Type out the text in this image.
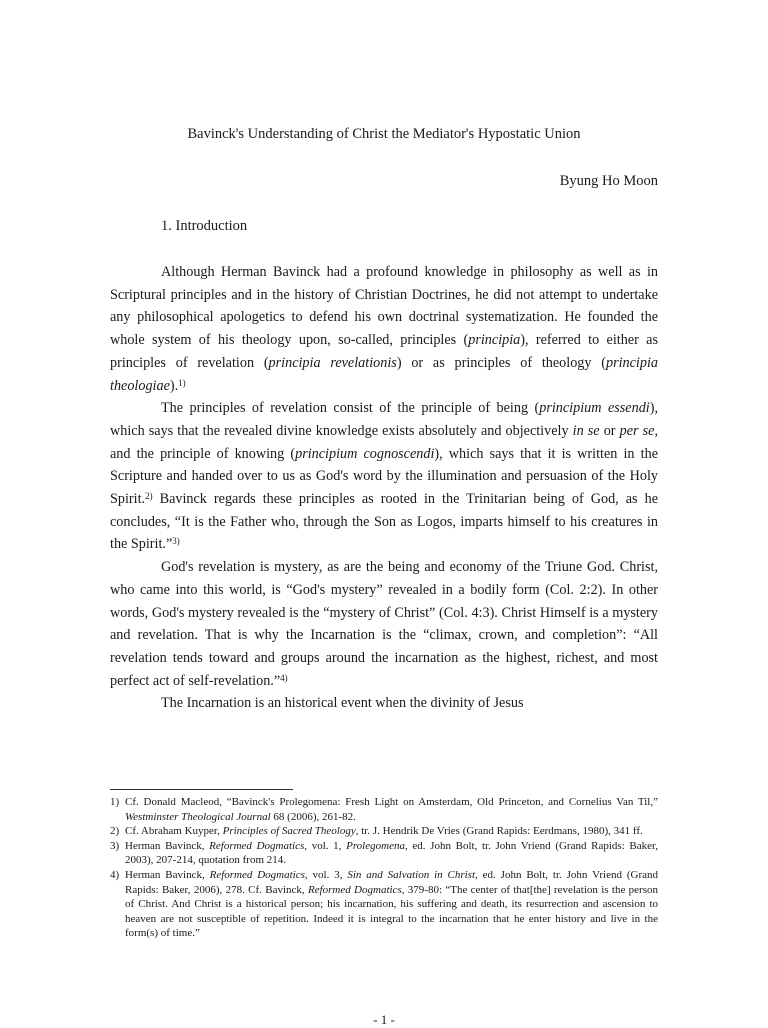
Bavinck's Understanding of Christ the Mediator's Hypostatic Union
Byung Ho Moon
1. Introduction

Although Herman Bavinck had a profound knowledge in philosophy as well as in Scriptural principles and in the history of Christian Doctrines, he did not attempt to undertake any philosophical apologetics to defend his own doctrinal systematization. He founded the whole system of his theology upon, so-called, principles (principia), referred to either as principles of revelation (principia revelationis) or as principles of theology (principia theologiae).$^{1)}$

The principles of revelation consist of the principle of being (principium essendi), which says that the revealed divine knowledge exists absolutely and objectively in se or per se, and the principle of knowing (principium cognoscendi), which says that it is written in the Scripture and handed over to us as God's word by the illumination and persuasion of the Holy Spirit.$^{2)}$ Bavinck regards these principles as rooted in the Trinitarian being of God, as he concludes, “It is the Father who, through the Son as Logos, imparts himself to his creatures in the Spirit.”$^{3)}$

God's revelation is mystery, as are the being and economy of the Triune God. Christ, who came into this world, is “God's mystery” revealed in a bodily form (Col. 2:2). In other words, God's mystery revealed is the “mystery of Christ” (Col. 4:3). Christ Himself is a mystery and revelation. That is why the Incarnation is the “climax, crown, and completion”: “All revelation tends toward and groups around the incarnation as the highest, richest, and most perfect act of self-revelation.”$^{4)}$

The Incarnation is an historical event when the divinity of Jesus

1) Cf. Donald Macleod, “Bavinck's Prolegomena: Fresh Light on Amsterdam, Old Princeton, and Cornelius Van Til,” Westminster Theological Journal 68 (2006), 261-82.
2) Cf. Abraham Kuyper, Principles of Sacred Theology, tr. J. Hendrik De Vries (Grand Rapids: Eerdmans, 1980), 341 ff.
3) Herman Bavinck, Reformed Dogmatics, vol. 1, Prolegomena, ed. John Bolt, tr. John Vriend (Grand Rapids: Baker, 2003), 207-214, quotation from 214.
4) Herman Bavinck, Reformed Dogmatics, vol. 3, Sin and Salvation in Christ, ed. John Bolt, tr. John Vriend (Grand Rapids: Baker, 2006), 278. Cf. Bavinck, Reformed Dogmatics, 379-80: “The center of that[the] revelation is the person of Christ. And Christ is a historical person; his incarnation, his suffering and death, its resurrection and ascension to heaven are not susceptible of repetition. Indeed it is integral to the incarnation that he enter history and live in the form(s) of time.”
- 1 -
